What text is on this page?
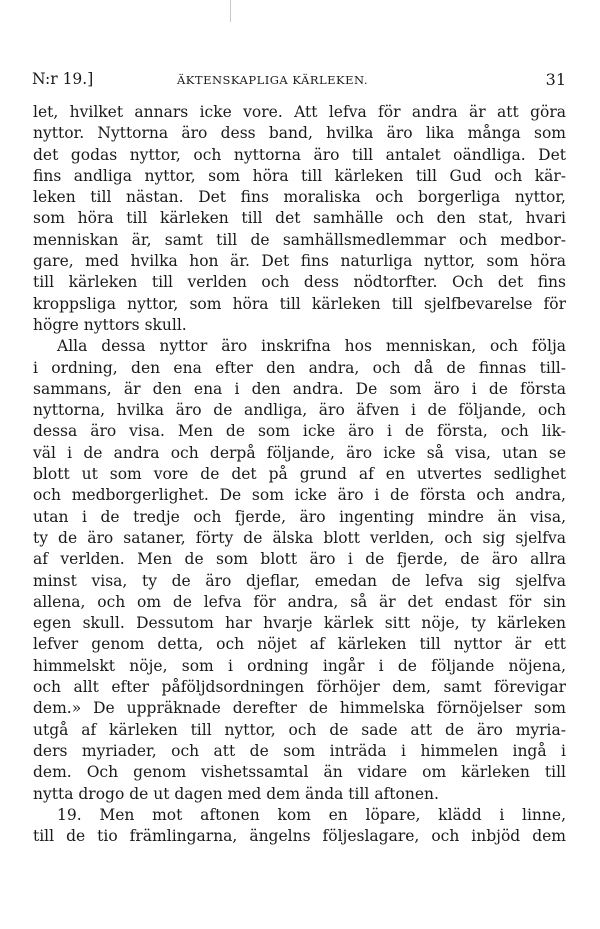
N:r 19.]	ÄKTENSKAPLIGA KÄRLEKEN.	31
let, hvilket annars icke vore. Att lefva för andra är att göra
nyttor. Nyttorna äro dess band, hvilka äro lika många som
det godas nyttor, och nyttorna äro till antalet oändliga. Det
fins andliga nyttor, som höra till kärleken till Gud och kär-
leken till nästan. Det fins moraliska och borgerliga nyttor,
som höra till kärleken till det samhälle och den stat, hvari
menniskan är, samt till de samhällsmedlemmar och medbor-
gare, med hvilka hon är. Det fins naturliga nyttor, som höra
till kärleken till verlden och dess nödtorfter. Och det fins
kroppsliga nyttor, som höra till kärleken till sjelfbevarelse för
högre nyttors skull.
Alla dessa nyttor äro inskrifna hos menniskan, och följa
i ordning, den ena efter den andra, och då de finnas till-
sammans, är den ena i den andra. De som äro i de första
nyttorna, hvilka äro de andliga, äro äfven i de följande, och
dessa äro visa. Men de som icke äro i de första, och lik-
väl i de andra och derpå följande, äro icke så visa, utan se
blott ut som vore de det på grund af en utvertes sedlighet
och medborgerlighet. De som icke äro i de första och andra,
utan i de tredje och fjerde, äro ingenting mindre än visa,
ty de äro sataner, förty de älska blott verlden, och sig sjelfva
af verlden. Men de som blott äro i de fjerde, de äro allra
minst visa, ty de äro djeflar, emedan de lefva sig sjelfva
allena, och om de lefva för andra, så är det endast för sin
egen skull. Dessutom har hvarje kärlek sitt nöje, ty kärleken
lefver genom detta, och nöjet af kärleken till nyttor är ett
himmelskt nöje, som i ordning ingår i de följande nöjena,
och allt efter påföljdsordningen förhöjer dem, samt förevigar
dem.» De uppräknade derefter de himmelska förnöjelser som
utgå af kärleken till nyttor, och de sade att de äro myria-
ders myriader, och att de som inträda i himmelen ingå i
dem. Och genom vishetssamtal än vidare om kärleken till
nytta drogo de ut dagen med dem ända till aftonen.
19. Men mot aftonen kom en löpare, klädd i linne,
till de tio främlingarna, ängelns följeslagare, och inbjöd dem
